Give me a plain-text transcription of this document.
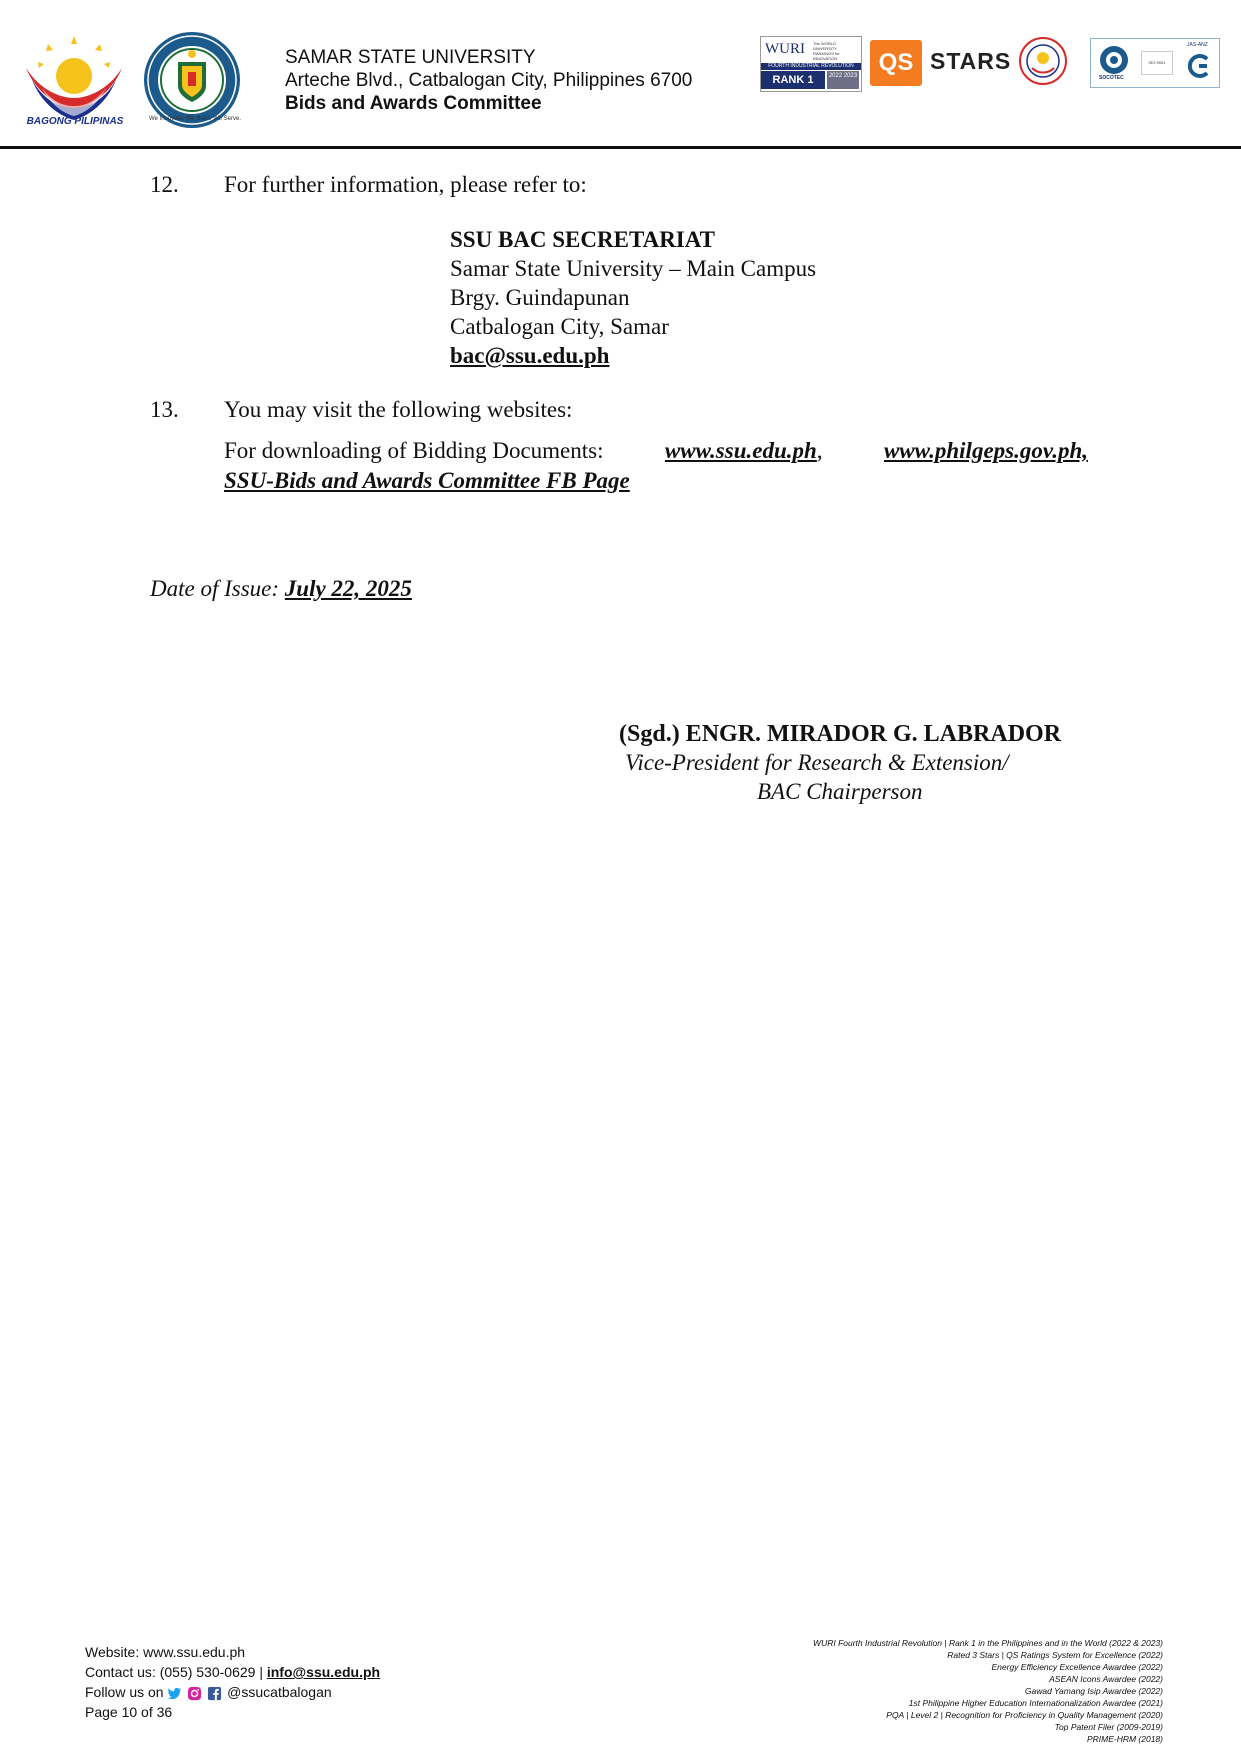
BAGONG PILIPINAS	We Innovate. We Build. We Serve.
SAMAR STATE UNIVERSITY
Arteche Blvd., Catbalogan City, Philippines 6700
Bids and Awards Committee
WURI The WORLD UNIVERSITY RANKINGS for INNOVATION
FOURTH INDUSTRIAL REVOLUTION
RANK 1	2022 2023 QS STARS
SOCOTEC
ISO 9001
JAS-ANZ
12. For further information, please refer to:
SSU BAC SECRETARIAT
Samar State University – Main Campus
Brgy. Guindapunan
Catbalogan City, Samar
bac@ssu.edu.ph
13. You may visit the following websites:
For downloading of Bidding Documents:	www.ssu.edu.ph,	www.philgeps.gov.ph,
SSU-Bids and Awards Committee FB Page
Date of Issue: July 22, 2025
(Sgd.) ENGR. MIRADOR G. LABRADOR
Vice-President for Research & Extension/
BAC Chairperson
Website: www.ssu.edu.ph
Contact us: (055) 530-0629 | info@ssu.edu.ph
Follow us on	@ssucatbalogan
Page 10 of 36
WURI Fourth Industrial Revolution | Rank 1 in the Philippines and in the World (2022 & 2023)
Rated 3 Stars | QS Ratings System for Excellence (2022)
Energy Efficiency Excellence Awardee (2022)
ASEAN Icons Awardee (2022)
Gawad Yamang Isip Awardee (2022)
1st Philippine Higher Education Internationalization Awardee (2021)
PQA | Level 2 | Recognition for Proficiency in Quality Management (2020)
Top Patent Filer (2009-2019)
PRIME-HRM (2018)
